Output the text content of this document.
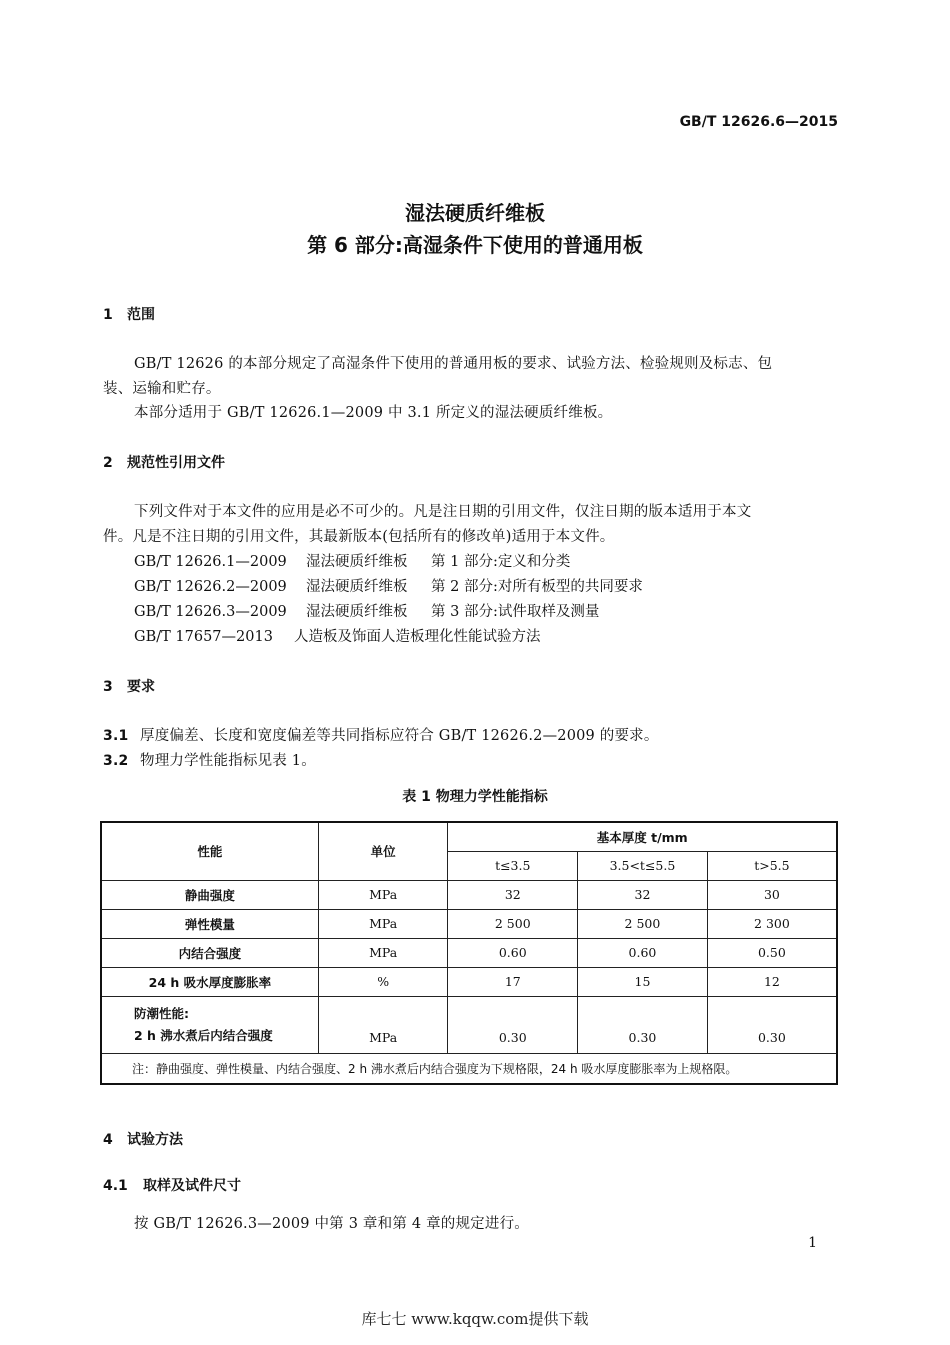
GB/T 12626.6—2015
湿法硬质纤维板
第 6 部分:高湿条件下使用的普通用板
1 范围
GB/T 12626 的本部分规定了高湿条件下使用的普通用板的要求、试验方法、检验规则及标志、包
装、运输和贮存。
本部分适用于 GB/T 12626.1—2009 中 3.1 所定义的湿法硬质纤维板。
2 规范性引用文件
下列文件对于本文件的应用是必不可少的。凡是注日期的引用文件，仅注日期的版本适用于本文
件。凡是不注日期的引用文件，其最新版本(包括所有的修改单)适用于本文件。
GB/T 12626.1—2009 湿法硬质纤维板 第 1 部分:定义和分类
GB/T 12626.2—2009 湿法硬质纤维板 第 2 部分:对所有板型的共同要求
GB/T 12626.3—2009 湿法硬质纤维板 第 3 部分:试件取样及测量
GB/T 17657—2013 人造板及饰面人造板理化性能试验方法
3 要求
3.1 厚度偏差、长度和宽度偏差等共同指标应符合 GB/T 12626.2—2009 的要求。
3.2 物理力学性能指标见表 1。
表 1 物理力学性能指标
性能	单位	基本厚度 t/mm		
		t≤3.5	3.5<t≤5.5	t>5.5
静曲强度	MPa	32	32	30
弹性模量	MPa	2 500	2 500	2 300
内结合强度	MPa	0.60	0.60	0.50
24 h 吸水厚度膨胀率	%	17	15	12

防潮性能:
2 h 沸水煮后内结合强度	MPa	0.30	0.30	0.30
注：静曲强度、弹性模量、内结合强度、2 h 沸水煮后内结合强度为下规格限，24 h 吸水厚度膨胀率为上规格限。				
4 试验方法
4.1 取样及试件尺寸
按 GB/T 12626.3—2009 中第 3 章和第 4 章的规定进行。
1
库七七 www.kqqw.com提供下载
